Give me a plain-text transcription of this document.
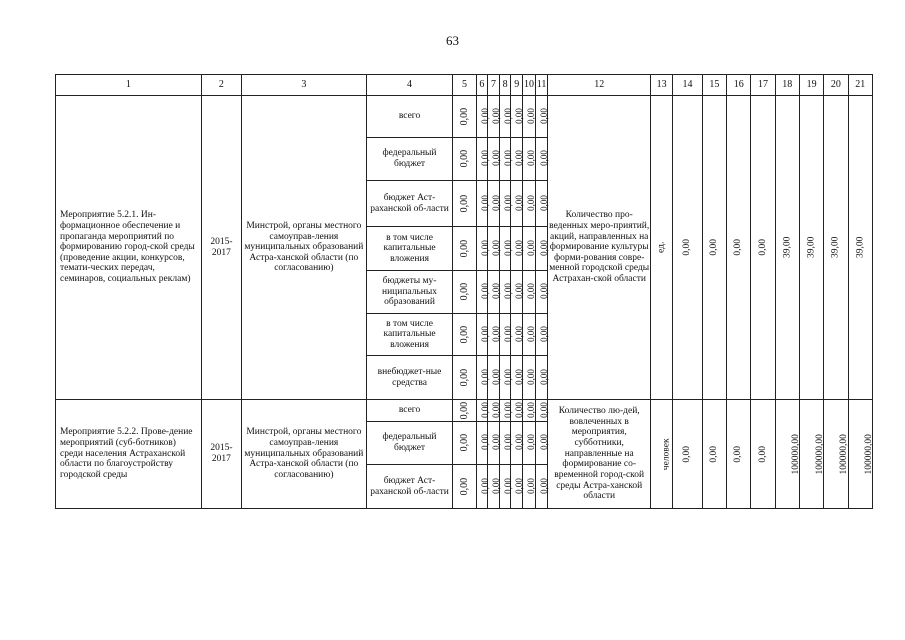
63
1	2	3	4	5	6	7	8	9	10	11	12	13	14	15	16	17	18	19	20	21
Мероприятие 5.2.1. Ин-формационное обеспечение и пропаганда мероприятий по формированию город-ской среды (проведение акции, конкурсов, темати-ческих передач, семинаров, социальных реклам)	2015-2017	Минстрой, органы местного самоуправ-ления муниципальных образований Астра-ханской области (по согласованию)	всего	0,00	0,00	0,00	0,00	0,00	0,00	0,00	Количество про-веденных меро-приятий, акций, направленных на формирование культуры форми-рования совре-менной городской среды Астрахан-ской области	ед.	0,00	0,00	0,00	0,00	39,00	39,00	39,00	39,00
			федеральный бюджет	0,00	0,00	0,00	0,00	0,00	0,00	0,00										
			бюджет Аст-раханской об-ласти	0,00	0,00	0,00	0,00	0,00	0,00	0,00										
			в том числе капитальные вложения	0,00	0,00	0,00	0,00	0,00	0,00	0,00										
			бюджеты му-ниципальных образований	0,00	0,00	0,00	0,00	0,00	0,00	0,00										
			в том числе капитальные вложения	0,00	0,00	0,00	0,00	0,00	0,00	0,00										
			внебюджет-ные средства	0,00	0,00	0,00	0,00	0,00	0,00	0,00										
Мероприятие 5.2.2. Прове-дение мероприятий (суб-ботников) среди населения Астраханской области по благоустройству городской среды	2015-2017	Минстрой, органы местного самоуправ-ления муниципальных образований Астра-ханской области (по согласованию)	всего	0,00	0,00	0,00	0,00	0,00	0,00	0,00	Количество лю-дей, вовлеченных в мероприятия, субботники, направленные на формирование со-временной город-ской среды Астра-ханской области	человек	0,00	0,00	0,00	0,00	100000,00	100000,00	100000,00	100000,00
			федеральный бюджет	0,00	0,00	0,00	0,00	0,00	0,00	0,00										
			бюджет Аст-раханской об-ласти	0,00	0,00	0,00	0,00	0,00	0,00	0,00										
